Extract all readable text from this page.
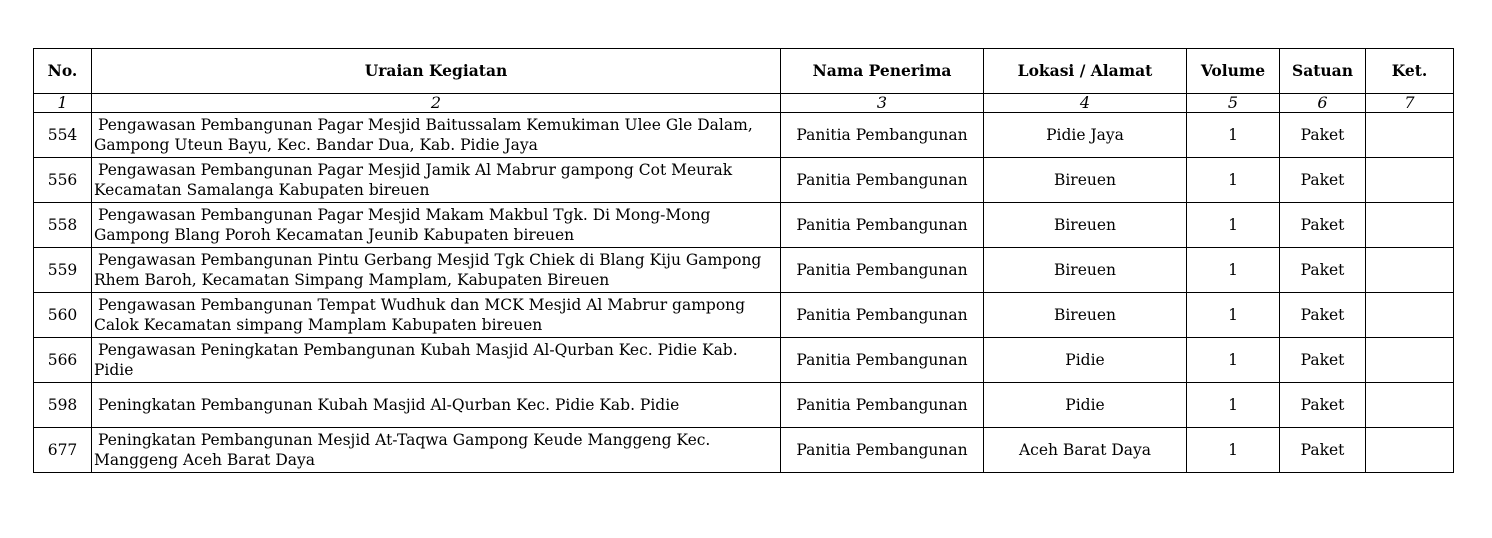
No.	Uraian Kegiatan	Nama Penerima	Lokasi / Alamat	Volume	Satuan	Ket.
1	2	3	4	5	6	7
554	Pengawasan Pembangunan Pagar Mesjid Baitussalam Kemukiman Ulee Gle Dalam,
Gampong Uteun Bayu, Kec. Bandar Dua, Kab. Pidie Jaya	Panitia Pembangunan	Pidie Jaya	1	Paket	
556	Pengawasan Pembangunan Pagar Mesjid Jamik Al Mabrur gampong Cot Meurak
Kecamatan Samalanga Kabupaten bireuen	Panitia Pembangunan	Bireuen	1	Paket	
558	Pengawasan Pembangunan Pagar Mesjid Makam Makbul Tgk. Di Mong-Mong
Gampong Blang Poroh Kecamatan Jeunib Kabupaten bireuen	Panitia Pembangunan	Bireuen	1	Paket	
559	Pengawasan Pembangunan Pintu Gerbang Mesjid Tgk Chiek di Blang Kiju Gampong
Rhem Baroh, Kecamatan Simpang Mamplam, Kabupaten Bireuen	Panitia Pembangunan	Bireuen	1	Paket	
560	Pengawasan Pembangunan Tempat Wudhuk dan MCK Mesjid Al Mabrur gampong
Calok Kecamatan simpang Mamplam Kabupaten bireuen	Panitia Pembangunan	Bireuen	1	Paket	
566	Pengawasan Peningkatan Pembangunan Kubah Masjid Al-Qurban Kec. Pidie Kab.
Pidie	Panitia Pembangunan	Pidie	1	Paket	
598	Peningkatan Pembangunan Kubah Masjid Al-Qurban Kec. Pidie Kab. Pidie	Panitia Pembangunan	Pidie	1	Paket	
677	Peningkatan Pembangunan Mesjid At-Taqwa Gampong Keude Manggeng Kec.
Manggeng Aceh Barat Daya	Panitia Pembangunan	Aceh Barat Daya	1	Paket	
